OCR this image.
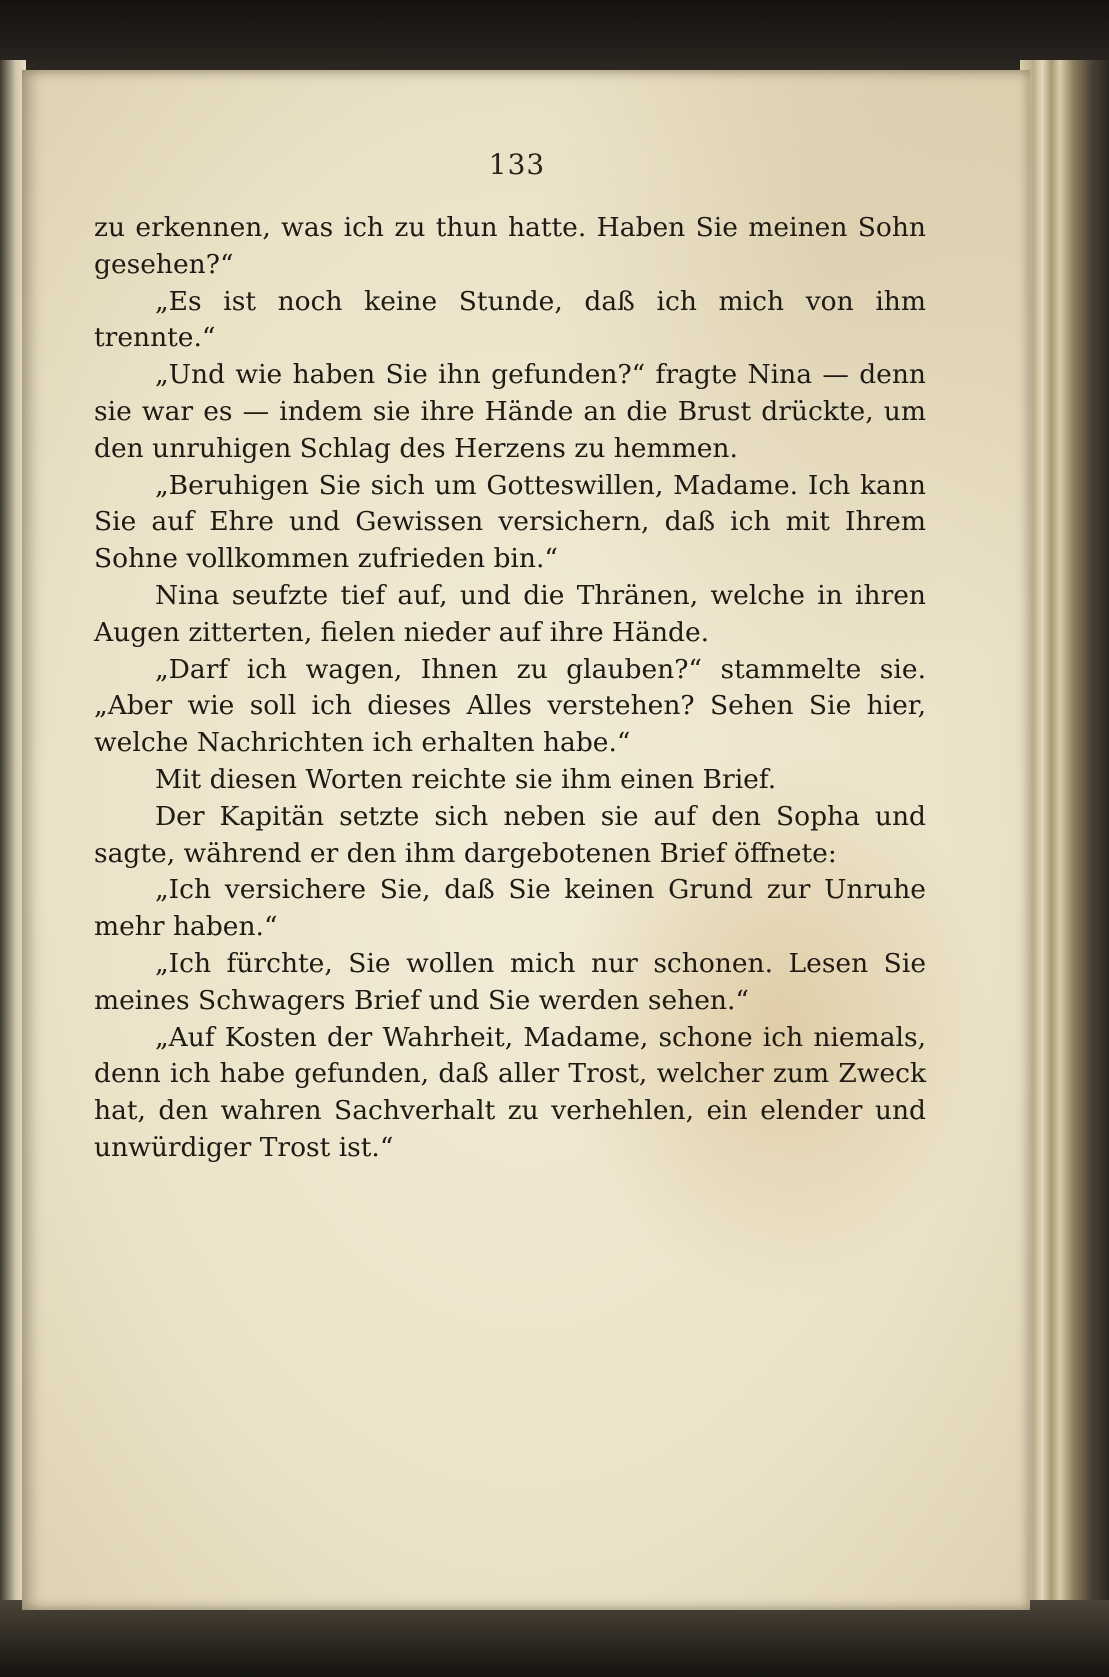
133

zu erkennen, was ich zu thun hatte. Haben Sie meinen Sohn gesehen?“

„Es ist noch keine Stunde, daß ich mich von ihm trennte.“

„Und wie haben Sie ihn gefunden?“ fragte Nina — denn sie war es — indem sie ihre Hände an die Brust drückte, um den unruhigen Schlag des Herzens zu hemmen.

„Beruhigen Sie sich um Gotteswillen, Madame. Ich kann Sie auf Ehre und Gewissen versichern, daß ich mit Ihrem Sohne vollkommen zufrieden bin.“

Nina seufzte tief auf, und die Thränen, welche in ihren Augen zitterten, fielen nieder auf ihre Hände.

„Darf ich wagen, Ihnen zu glauben?“ stammelte sie. „Aber wie soll ich dieses Alles verstehen? Sehen Sie hier, welche Nachrichten ich erhalten habe.“

Mit diesen Worten reichte sie ihm einen Brief.

Der Kapitän setzte sich neben sie auf den Sopha und sagte, während er den ihm dargebotenen Brief öffnete:

„Ich versichere Sie, daß Sie keinen Grund zur Unruhe mehr haben.“

„Ich fürchte, Sie wollen mich nur schonen. Lesen Sie meines Schwagers Brief und Sie werden sehen.“

„Auf Kosten der Wahrheit, Madame, schone ich niemals, denn ich habe gefunden, daß aller Trost, welcher zum Zweck hat, den wahren Sachverhalt zu verhehlen, ein elender und unwürdiger Trost ist.“
